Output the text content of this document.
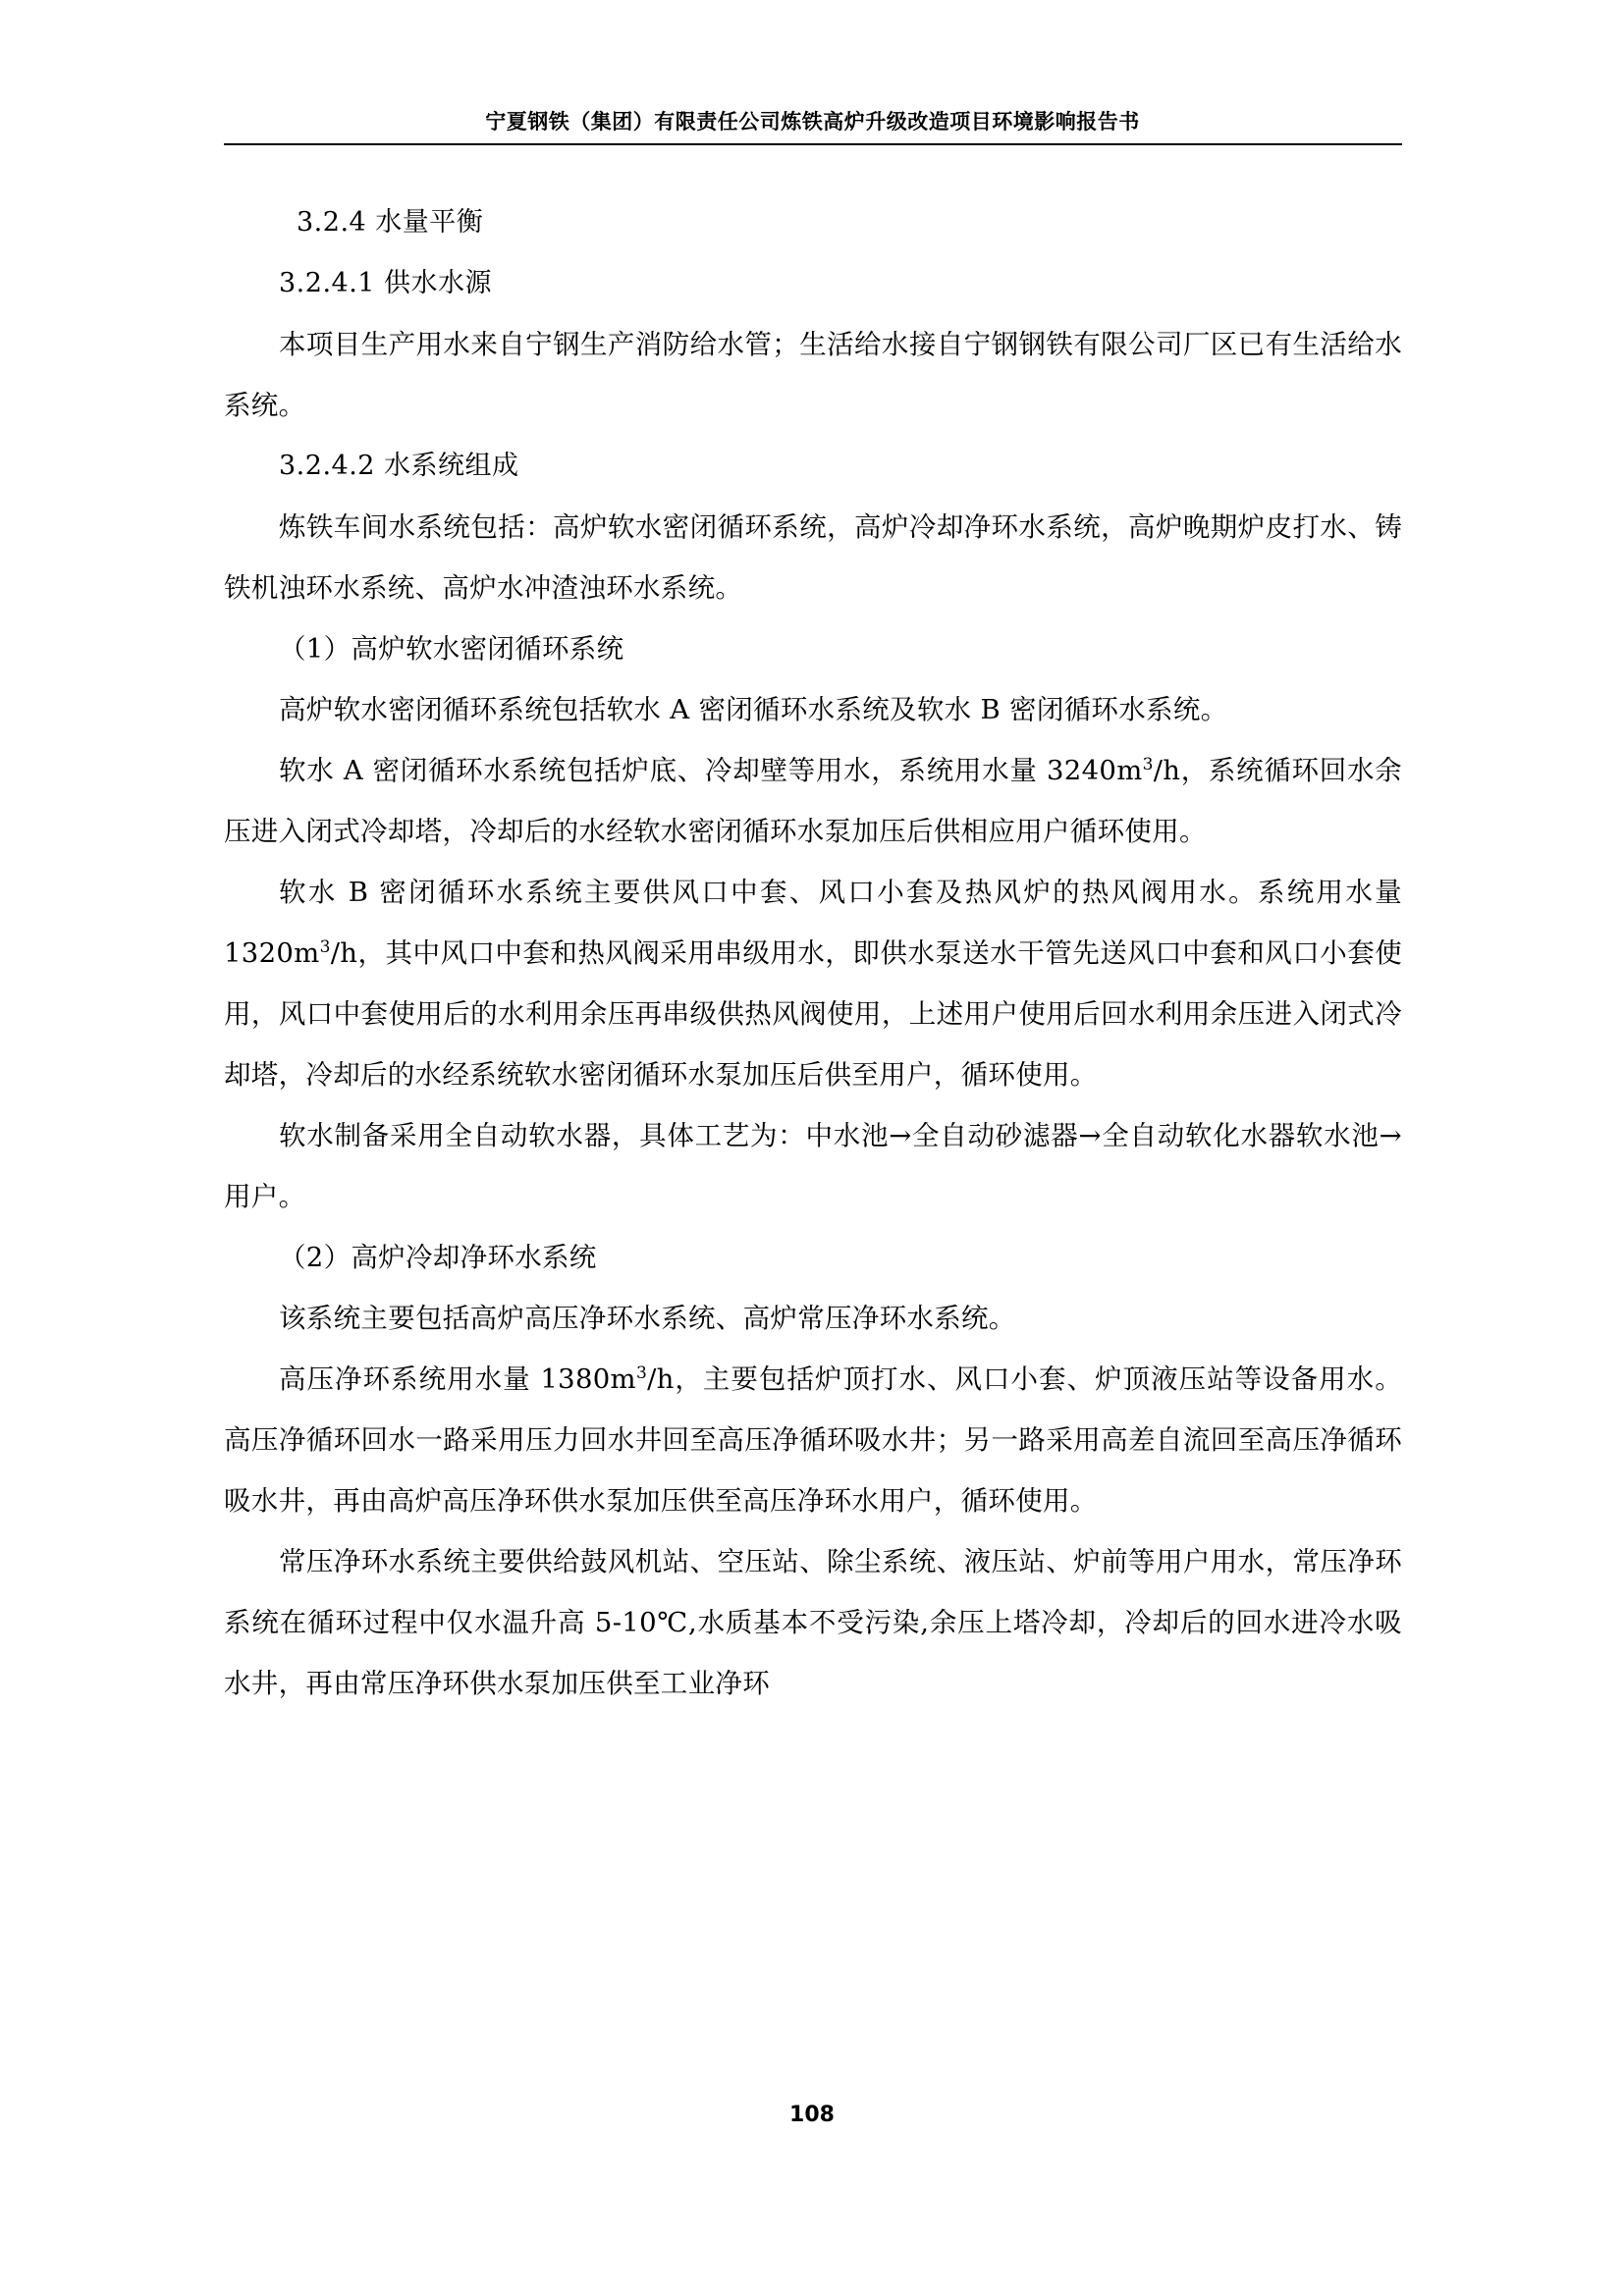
宁夏钢铁（集团）有限责任公司炼铁高炉升级改造项目环境影响报告书
3.2.4 水量平衡
3.2.4.1 供水水源

本项目生产用水来自宁钢生产消防给水管；生活给水接自宁钢钢铁有限公司厂区已有生活给水系统。

3.2.4.2 水系统组成

炼铁车间水系统包括：高炉软水密闭循环系统，高炉冷却净环水系统，高炉晚期炉皮打水、铸铁机浊环水系统、高炉水冲渣浊环水系统。

（1）高炉软水密闭循环系统

高炉软水密闭循环系统包括软水 A 密闭循环水系统及软水 B 密闭循环水系统。

软水 A 密闭循环水系统包括炉底、冷却壁等用水，系统用水量 $3240m^3/h$，系统循环回水余压进入闭式冷却塔，冷却后的水经软水密闭循环水泵加压后供相应用户循环使用。

软水 B 密闭循环水系统主要供风口中套、风口小套及热风炉的热风阀用水。系统用水量 $1320m^3/h$，其中风口中套和热风阀采用串级用水，即供水泵送水干管先送风口中套和风口小套使用，风口中套使用后的水利用余压再串级供热风阀使用，上述用户使用后回水利用余压进入闭式冷却塔，冷却后的水经系统软水密闭循环水泵加压后供至用户，循环使用。

软水制备采用全自动软水器，具体工艺为：中水池→全自动砂滤器→全自动软化水器软水池→用户。

（2）高炉冷却净环水系统

该系统主要包括高炉高压净环水系统、高炉常压净环水系统。

高压净环系统用水量 $1380m^3/h$，主要包括炉顶打水、风口小套、炉顶液压站等设备用水。高压净循环回水一路采用压力回水井回至高压净循环吸水井；另一路采用高差自流回至高压净循环吸水井，再由高炉高压净环供水泵加压供至高压净环水用户，循环使用。

常压净环水系统主要供给鼓风机站、空压站、除尘系统、液压站、炉前等用户用水，常压净环系统在循环过程中仅水温升高 5-10℃,水质基本不受污染,余压上塔冷却，冷却后的回水进冷水吸水井，再由常压净环供水泵加压供至工业净环

108
